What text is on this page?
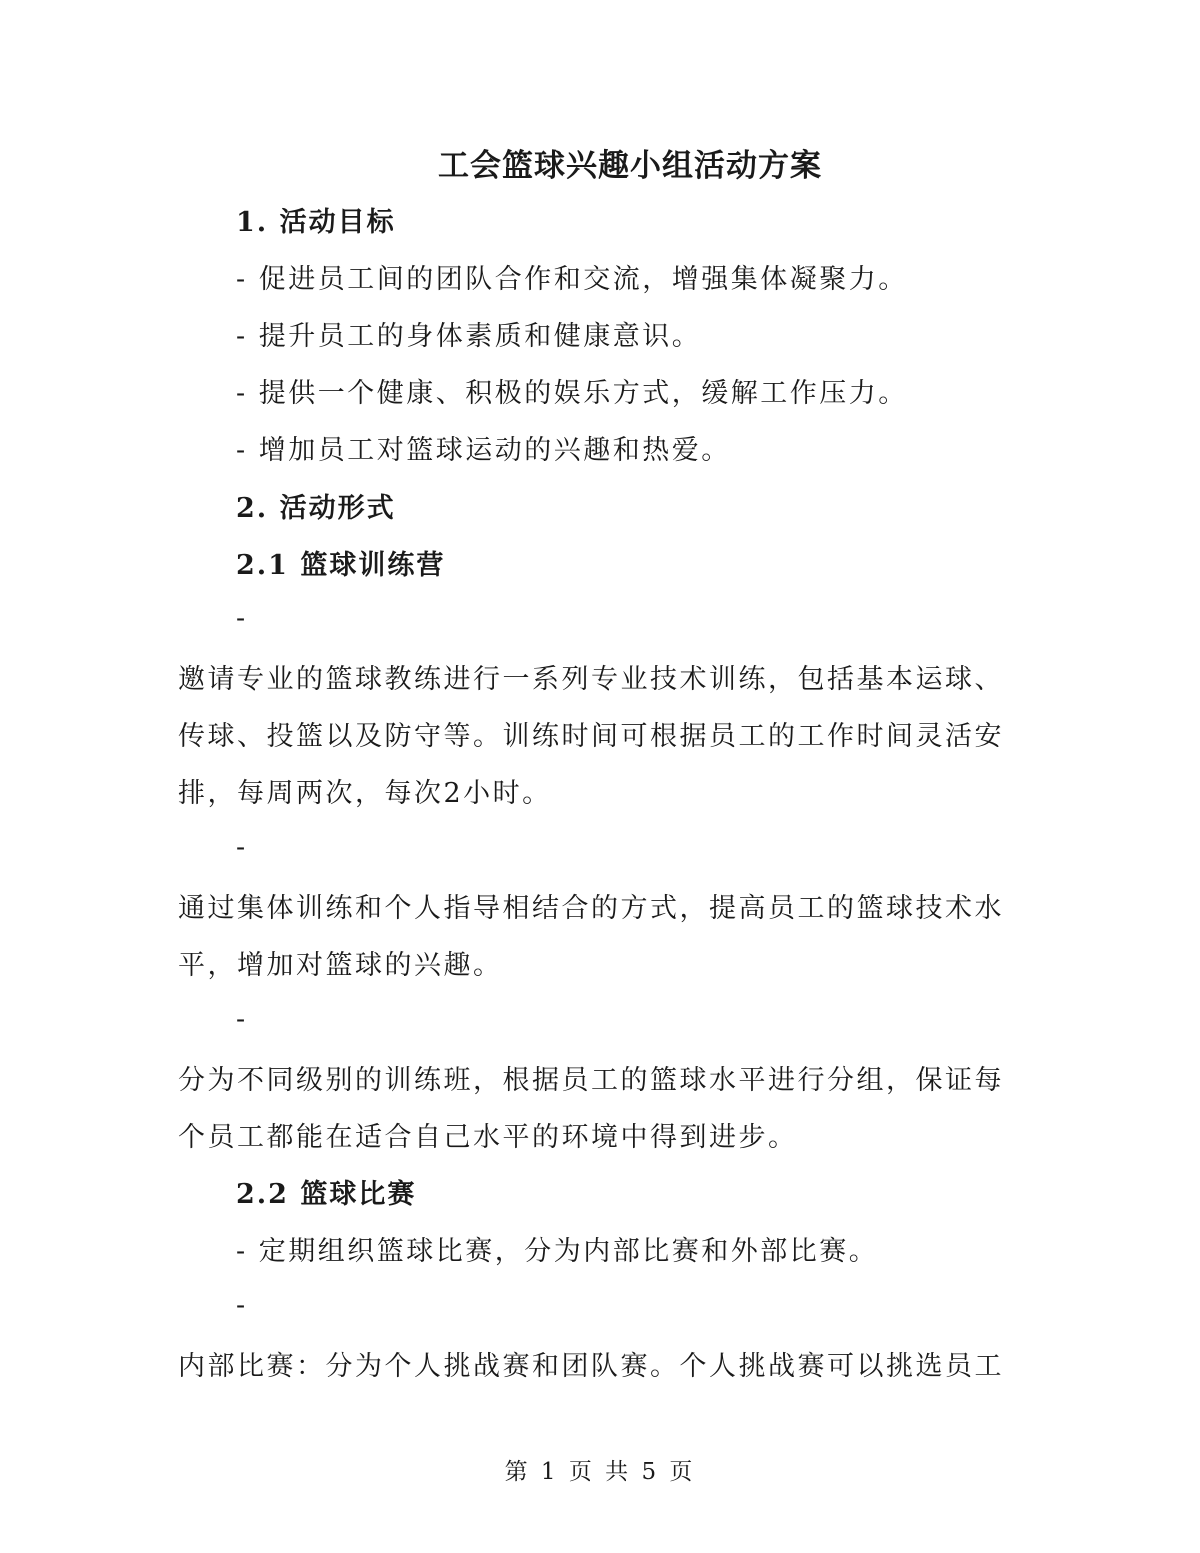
工会篮球兴趣小组活动方案

1. 活动目标

- 促进员工间的团队合作和交流，增强集体凝聚力。

- 提升员工的身体素质和健康意识。

- 提供一个健康、积极的娱乐方式，缓解工作压力。

- 增加员工对篮球运动的兴趣和热爱。

2. 活动形式

2.1 篮球训练营

-

邀请专业的篮球教练进行一系列专业技术训练，包括基本运球、

传球、投篮以及防守等。训练时间可根据员工的工作时间灵活安

排，每周两次，每次2小时。

-

通过集体训练和个人指导相结合的方式，提高员工的篮球技术水

平，增加对篮球的兴趣。

-

分为不同级别的训练班，根据员工的篮球水平进行分组，保证每

个员工都能在适合自己水平的环境中得到进步。

2.2 篮球比赛

- 定期组织篮球比赛，分为内部比赛和外部比赛。

-

内部比赛：分为个人挑战赛和团队赛。个人挑战赛可以挑选员工

第 1 页 共 5 页
